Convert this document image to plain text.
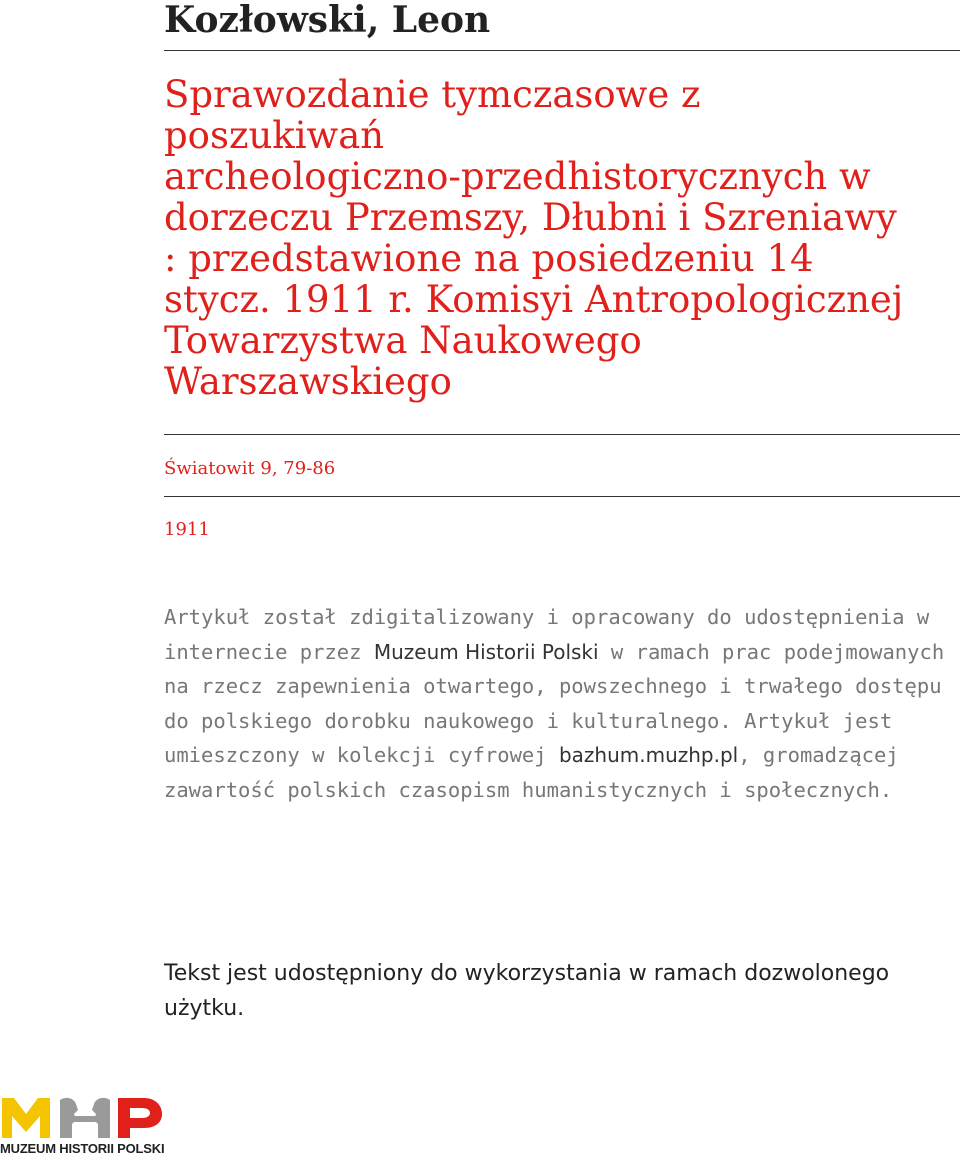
Kozłowski, Leon
Sprawozdanie tymczasowe z
poszukiwań
archeologiczno-przedhistorycznych w
dorzeczu Przemszy, Dłubni i Szreniawy
: przedstawione na posiedzeniu 14
stycz. 1911 r. Komisyi Antropologicznej
Towarzystwa Naukowego
Warszawskiego
Światowit 9, 79-86
1911

Artykuł został zdigitalizowany i opracowany do udostępnienia w internecie przez Muzeum Historii Polski w ramach prac podejmowanych na rzecz zapewnienia otwartego, powszechnego i trwałego dostępu do polskiego dorobku naukowego i kulturalnego. Artykuł jest umieszczony w kolekcji cyfrowej bazhum.muzhp.pl, gromadzącej zawartość polskich czasopism humanistycznych i społecznych.

Tekst jest udostępniony do wykorzystania w ramach dozwolonego użytku.

MUZEUM HISTORII POLSKI
